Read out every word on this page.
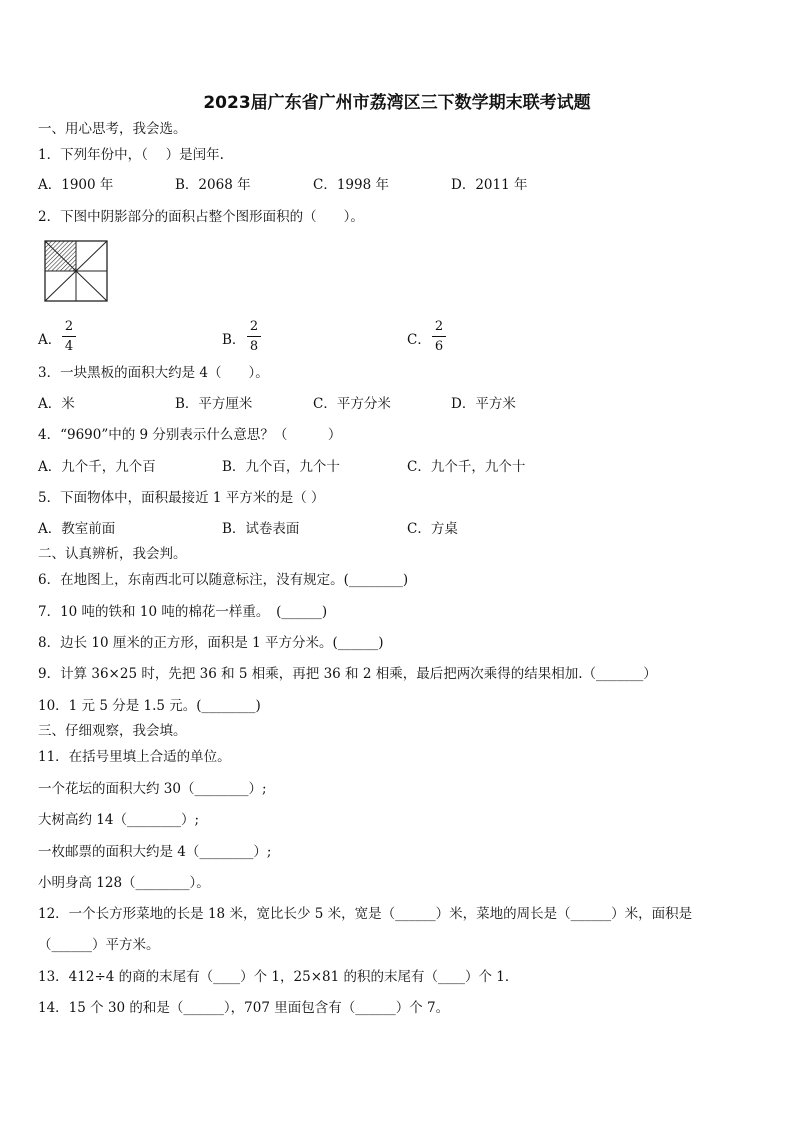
2023届广东省广州市荔湾区三下数学期末联考试题
一、用心思考，我会选。
1．下列年份中，（　 ）是闰年.
A．1900 年	B．2068 年	C．1998 年	D．2011 年
2．下图中阴影部分的面积占整个图形面积的（　　）。
A．
2
4	B．
2
8	C．
2
6
3．一块黑板的面积大约是 4（　　）。
A．米	B．平方厘米	C．平方分米	D．平方米
4．“9690”中的 9 分别表示什么意思？（　　　）
A．九个千，九个百	B．九个百，九个十	C．九个千，九个十
5．下面物体中，面积最接近 1 平方米的是（ ）
A．教室前面	B．试卷表面	C．方桌
二、认真辨析，我会判。
6．在地图上，东南西北可以随意标注，没有规定。(________)
7．10 吨的铁和 10 吨的棉花一样重。　(______)
8．边长 10 厘米的正方形，面积是 1 平方分米。(______)
9．计算 36×25 时，先把 36 和 5 相乘，再把 36 和 2 相乘，最后把两次乘得的结果相加.（_______）
10．1 元 5 分是 1.5 元。(________)
三、仔细观察，我会填。
11．在括号里填上合适的单位。
一个花坛的面积大约 30（________）;
大树高约 14（________）;
一枚邮票的面积大约是 4（________）;
小明身高 128（________）。
12．一个长方形菜地的长是 18 米，宽比长少 5 米，宽是（______）米，菜地的周长是（______）米，面积是
（______）平方米。
13．412÷4 的商的末尾有（____）个 1，25×81 的积的末尾有（____）个 1．
14．15 个 30 的和是（______），707 里面包含有（______）个 7。
